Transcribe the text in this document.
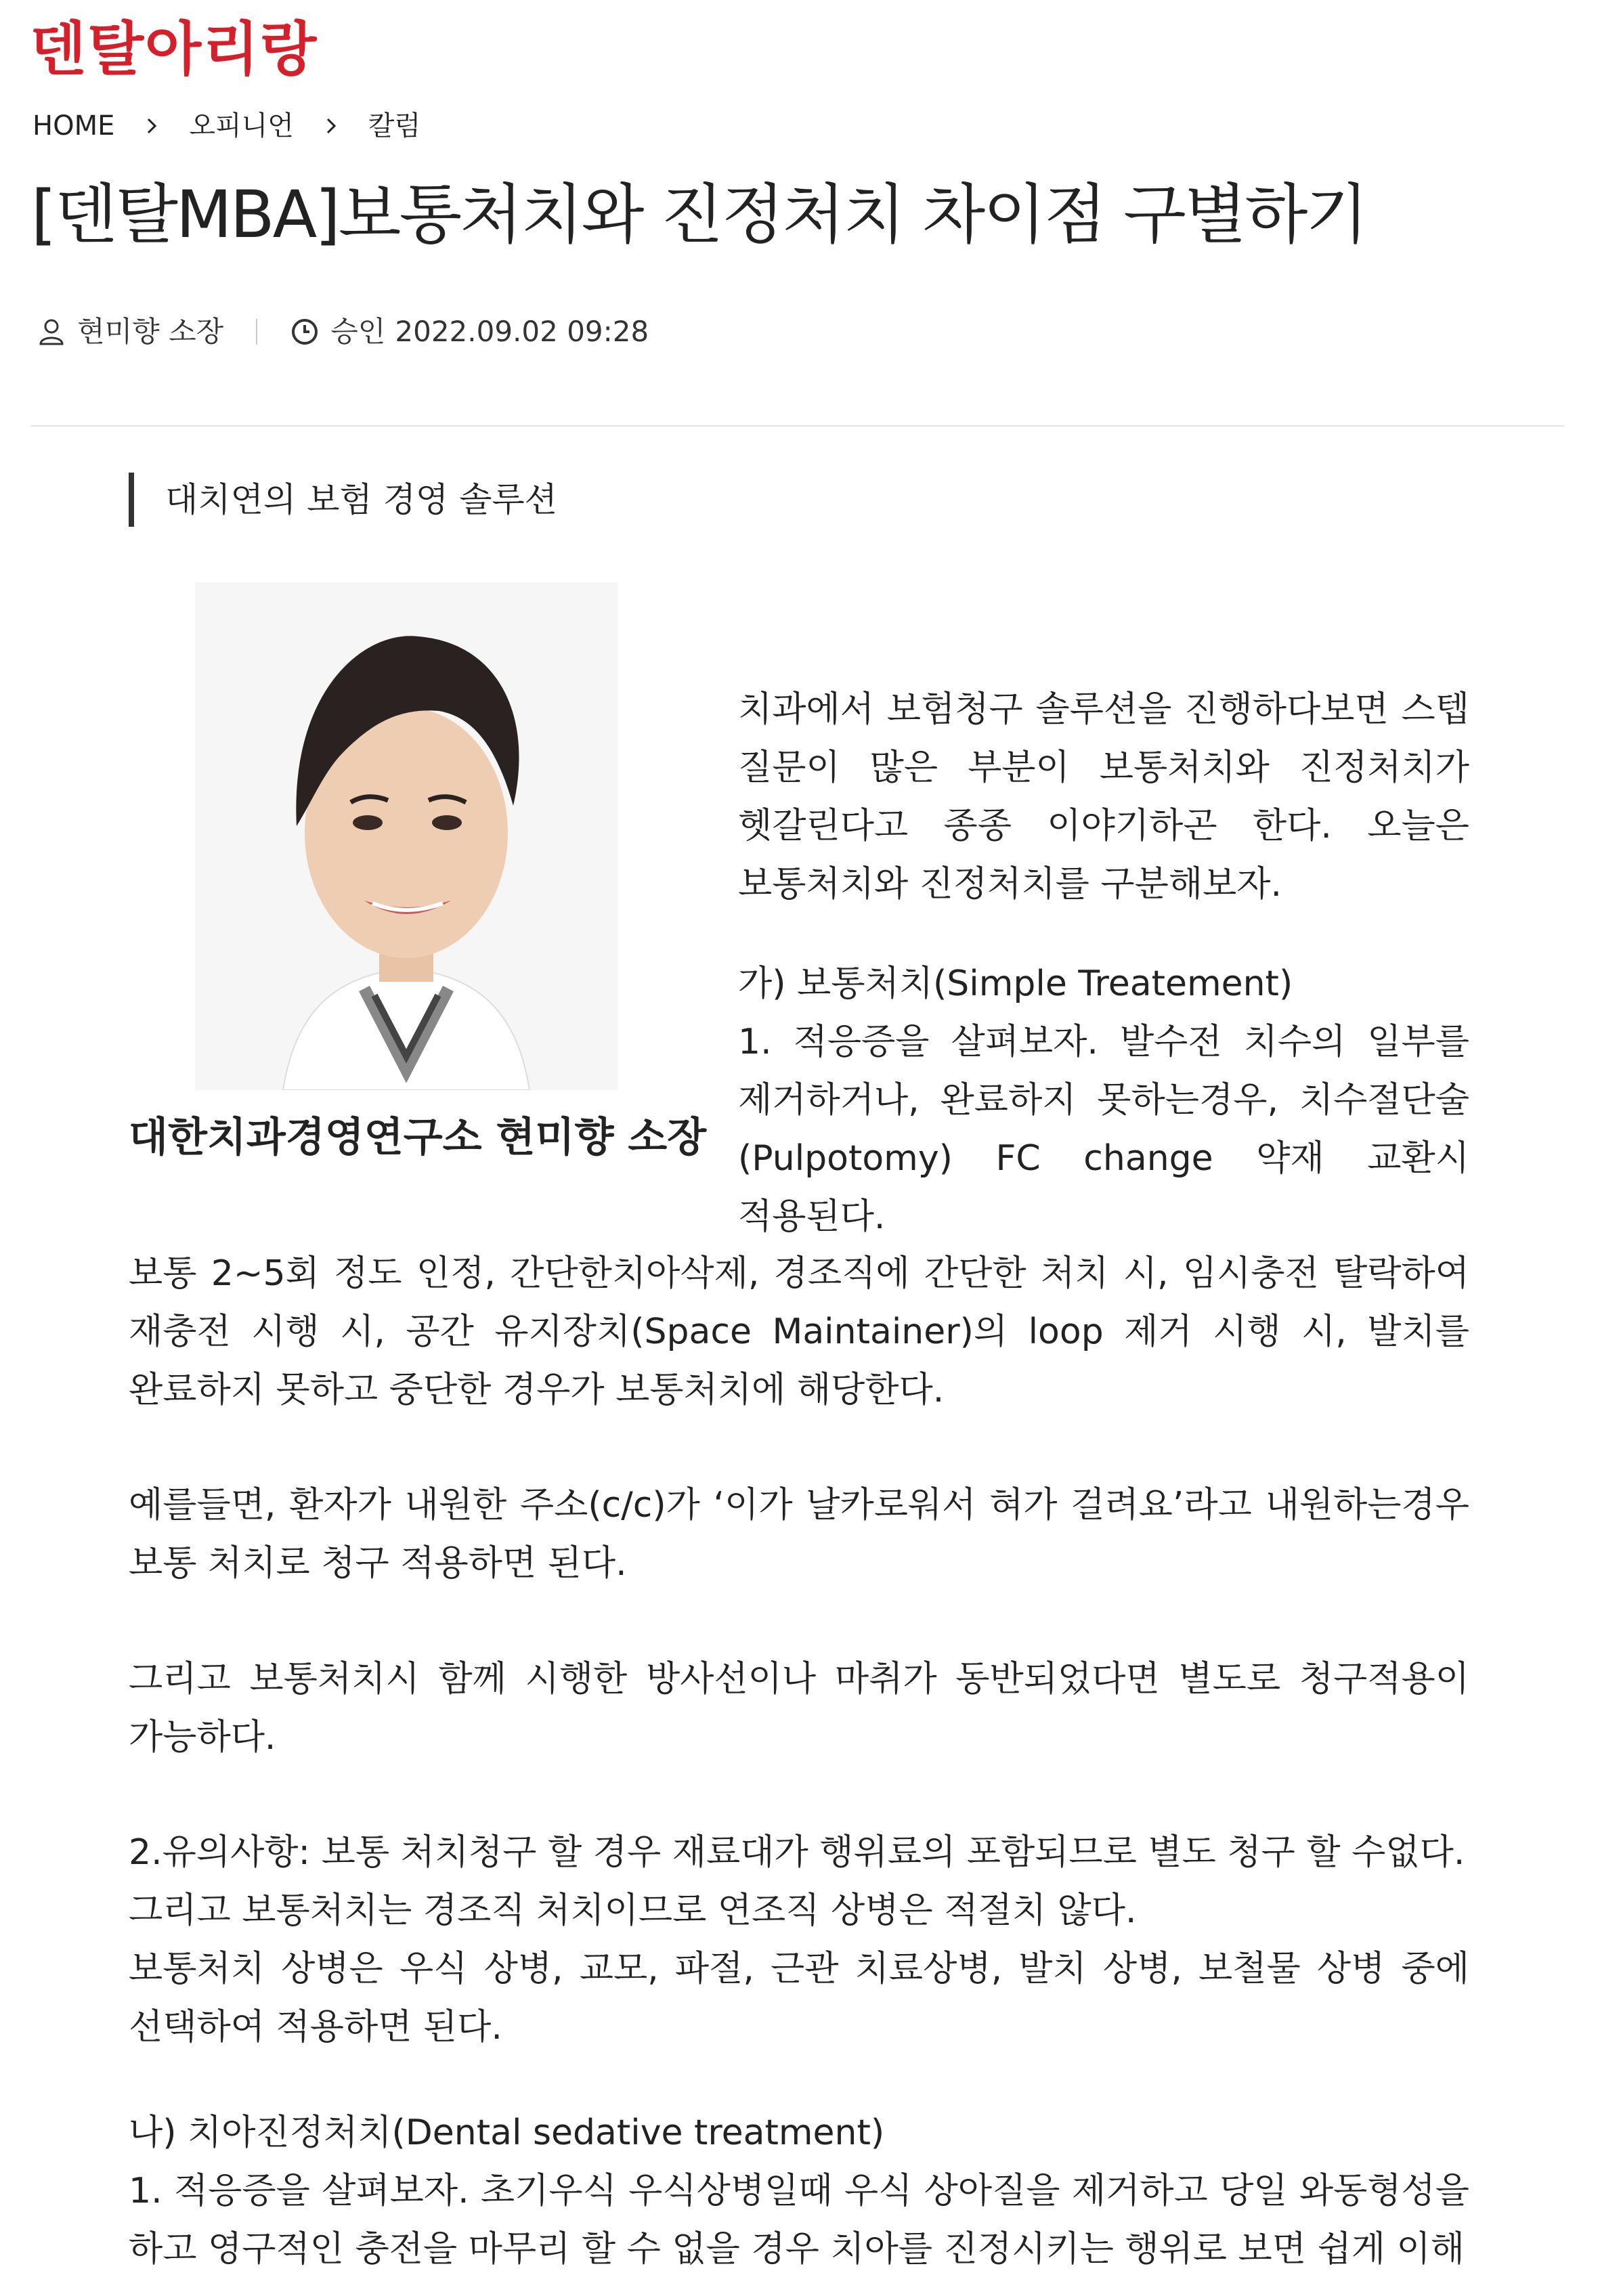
덴탈아리랑
HOME	오피니언	칼럼
[덴탈MBA]보통처치와 진정처치 차이점 구별하기
현미향 소장	승인 2022.09.02 09:28
대치연의 보험 경영 솔루션
대한치과경영연구소 현미향 소장

치과에서 보험청구 솔루션을 진행하다보면 스텝 질문이 많은 부분이 보통처치와 진정처치가 헷갈린다고 종종 이야기하곤 한다. 오늘은 보통처치와 진정처치를 구분해보자.

가) 보통처치(Simple Treatement)

1. 적응증을 살펴보자. 발수전 치수의 일부를 제거하거나, 완료하지 못하는경우, 치수절단술(Pulpotomy) FC change 약재 교환시 적용된다.

보통 2~5회 정도 인정, 간단한치아삭제, 경조직에 간단한 처치 시, 임시충전 탈락하여 재충전 시행 시, 공간 유지장치(Space Maintainer)의 loop 제거 시행 시, 발치를 완료하지 못하고 중단한 경우가 보통처치에 해당한다.

예를들면, 환자가 내원한 주소(c/c)가 ‘이가 날카로워서 혀가 걸려요’라고 내원하는경우 보통 처치로 청구 적용하면 된다.

그리고 보통처치시 함께 시행한 방사선이나 마취가 동반되었다면 별도로 청구적용이 가능하다.

2.유의사항: 보통 처치청구 할 경우 재료대가 행위료의 포함되므로 별도 청구 할 수없다.

그리고 보통처치는 경조직 처치이므로 연조직 상병은 적절치 않다.

보통처치 상병은 우식 상병, 교모, 파절, 근관 치료상병, 발치 상병, 보철물 상병 중에 선택하여 적용하면 된다.

나) 치아진정처치(Dental sedative treatment)

1. 적응증을 살펴보자. 초기우식 우식상병일때 우식 상아질을 제거하고 당일 와동형성을 하고 영구적인 충전을 마무리 할 수 없을 경우 치아를 진정시키는 행위로 보면 쉽게 이해
